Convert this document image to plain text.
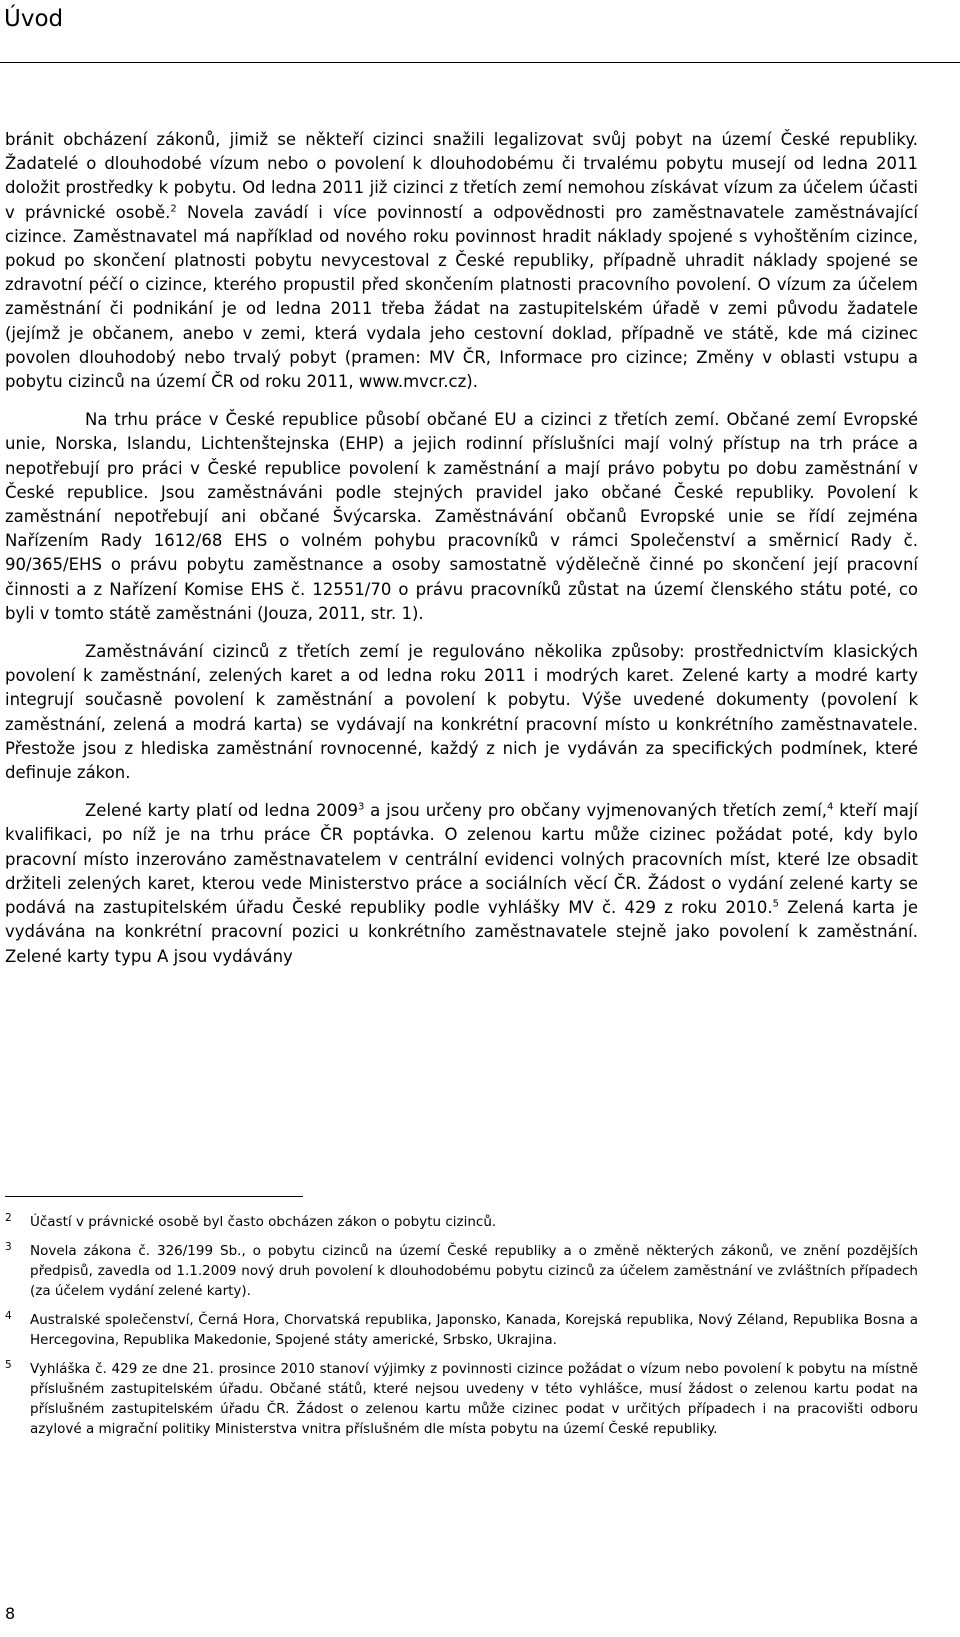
Úvod

bránit obcházení zákonů, jimiž se někteří cizinci snažili legalizovat svůj pobyt na území České republiky. Žadatelé o dlouhodobé vízum nebo o povolení k dlouhodobému či trvalému pobytu musejí od ledna 2011 doložit prostředky k pobytu. Od ledna 2011 již cizinci z třetích zemí nemohou získávat vízum za účelem účasti v právnické osobě.$^2$ Novela zavádí i více povinností a odpovědnosti pro zaměstnavatele zaměstnávající cizince. Zaměstnavatel má například od nového roku povinnost hradit náklady spojené s vyhoštěním cizince, pokud po skončení platnosti pobytu nevycestoval z České republiky, případně uhradit náklady spojené se zdravotní péčí o cizince, kterého propustil před skončením platnosti pracovního povolení. O vízum za účelem zaměstnání či podnikání je od ledna 2011 třeba žádat na zastupitelském úřadě v zemi původu žadatele (jejímž je občanem, anebo v zemi, která vydala jeho cestovní doklad, případně ve státě, kde má cizinec povolen dlouhodobý nebo trvalý pobyt (pramen: MV ČR, Informace pro cizince; Změny v oblasti vstupu a pobytu cizinců na území ČR od roku 2011, www.mvcr.cz).

Na trhu práce v České republice působí občané EU a cizinci z třetích zemí. Občané zemí Evropské unie, Norska, Islandu, Lichtenštejnska (EHP) a jejich rodinní příslušníci mají volný přístup na trh práce a nepotřebují pro práci v České republice povolení k zaměstnání a mají právo pobytu po dobu zaměstnání v České republice. Jsou zaměstnáváni podle stejných pravidel jako občané České republiky. Povolení k zaměstnání nepotřebují ani občané Švýcarska. Zaměstnávání občanů Evropské unie se řídí zejména Nařízením Rady 1612/68 EHS o volném pohybu pracovníků v rámci Společenství a směrnicí Rady č. 90/365/EHS o právu pobytu zaměstnance a osoby samostatně výdělečně činné po skončení její pracovní činnosti a z Nařízení Komise EHS č. 12551/70 o právu pracovníků zůstat na území členského státu poté, co byli v tomto státě zaměstnáni (Jouza, 2011, str. 1).

Zaměstnávání cizinců z třetích zemí je regulováno několika způsoby: prostřednictvím klasických povolení k zaměstnání, zelených karet a od ledna roku 2011 i modrých karet. Zelené karty a modré karty integrují současně povolení k zaměstnání a povolení k pobytu. Výše uvedené dokumenty (povolení k zaměstnání, zelená a modrá karta) se vydávají na konkrétní pracovní místo u konkrétního zaměstnavatele. Přestože jsou z hlediska zaměstnání rovnocenné, každý z nich je vydáván za specifických podmínek, které definuje zákon.

Zelené karty platí od ledna 2009$^3$ a jsou určeny pro občany vyjmenovaných třetích zemí,$^4$ kteří mají kvalifikaci, po níž je na trhu práce ČR poptávka. O zelenou kartu může cizinec požádat poté, kdy bylo pracovní místo inzerováno zaměstnavatelem v centrální evidenci volných pracovních míst, které lze obsadit držiteli zelených karet, kterou vede Ministerstvo práce a sociálních věcí ČR. Žádost o vydání zelené karty se podává na zastupitelském úřadu České republiky podle vyhlášky MV č. 429 z roku 2010.$^5$ Zelená karta je vydávána na konkrétní pracovní pozici u konkrétního zaměstnavatele stejně jako povolení k zaměstnání. Zelené karty typu A jsou vydávány

2 Účastí v právnické osobě byl často obcházen zákon o pobytu cizinců.
3 Novela zákona č. 326/199 Sb., o pobytu cizinců na území České republiky a o změně některých zákonů, ve znění pozdějších předpisů, zavedla od 1.1.2009 nový druh povolení k dlouhodobému pobytu cizinců za účelem zaměstnání ve zvláštních případech (za účelem vydání zelené karty).
4 Australské společenství, Černá Hora, Chorvatská republika, Japonsko, Kanada, Korejská republika, Nový Zéland, Republika Bosna a Hercegovina, Republika Makedonie, Spojené státy americké, Srbsko, Ukrajina.
5 Vyhláška č. 429 ze dne 21. prosince 2010 stanoví výjimky z povinnosti cizince požádat o vízum nebo povolení k pobytu na místně příslušném zastupitelském úřadu. Občané států, které nejsou uvedeny v této vyhlášce, musí žádost o zelenou kartu podat na příslušném zastupitelském úřadu ČR. Žádost o zelenou kartu může cizinec podat v určitých případech i na pracovišti odboru azylové a migrační politiky Ministerstva vnitra příslušném dle místa pobytu na území České republiky.
8
